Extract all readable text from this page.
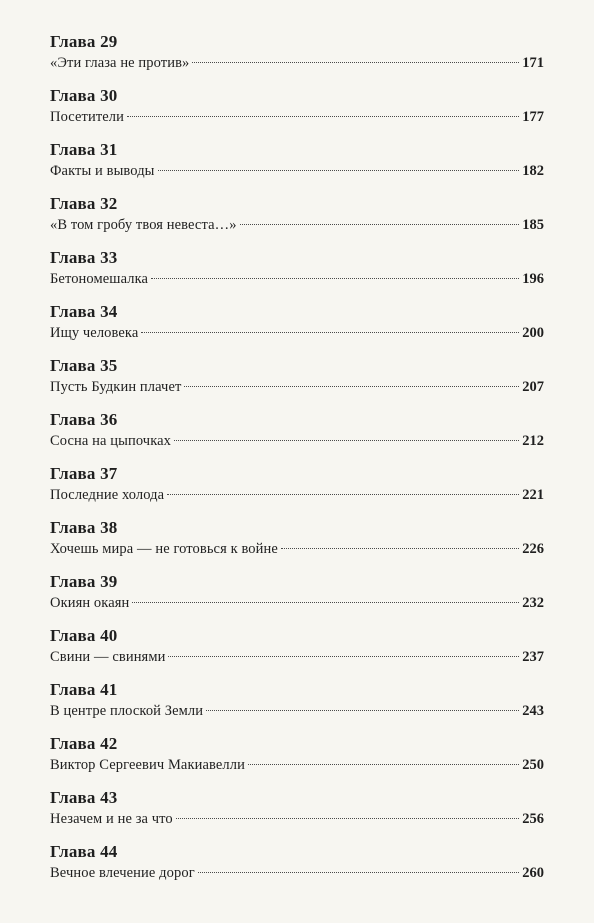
Глава 29
«Эти глаза не против»	171
Глава 30
Посетители	177
Глава 31
Факты и выводы	182
Глава 32
«В том гробу твоя невеста…»	185
Глава 33
Бетономешалка	196
Глава 34
Ищу человека	200
Глава 35
Пусть Будкин плачет	207
Глава 36
Сосна на цыпочках	212
Глава 37
Последние холода	221
Глава 38
Хочешь мира — не готовься к войне	226
Глава 39
Окиян окаян	232
Глава 40
Свини — свинями	237
Глава 41
В центре плоской Земли	243
Глава 42
Виктор Сергеевич Макиавелли	250
Глава 43
Незачем и не за что	256
Глава 44
Вечное влечение дорог	260
